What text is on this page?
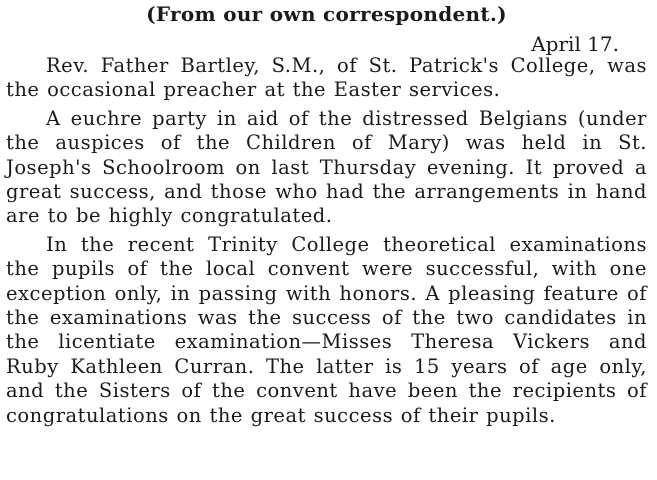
(From our own correspondent.)
April 17.

Rev. Father Bartley, S.M., of St. Patrick's College, was the occasional preacher at the Easter services.

A euchre party in aid of the distressed Belgians (under the auspices of the Children of Mary) was held in St. Joseph's Schoolroom on last Thursday evening. It proved a great success, and those who had the arrangements in hand are to be highly congratulated.

In the recent Trinity College theoretical examinations the pupils of the local convent were successful, with one exception only, in passing with honors. A pleasing feature of the examinations was the success of the two candidates in the licentiate examination—Misses Theresa Vickers and Ruby Kathleen Curran. The latter is 15 years of age only, and the Sisters of the convent have been the recipients of congratulations on the great success of their pupils.
